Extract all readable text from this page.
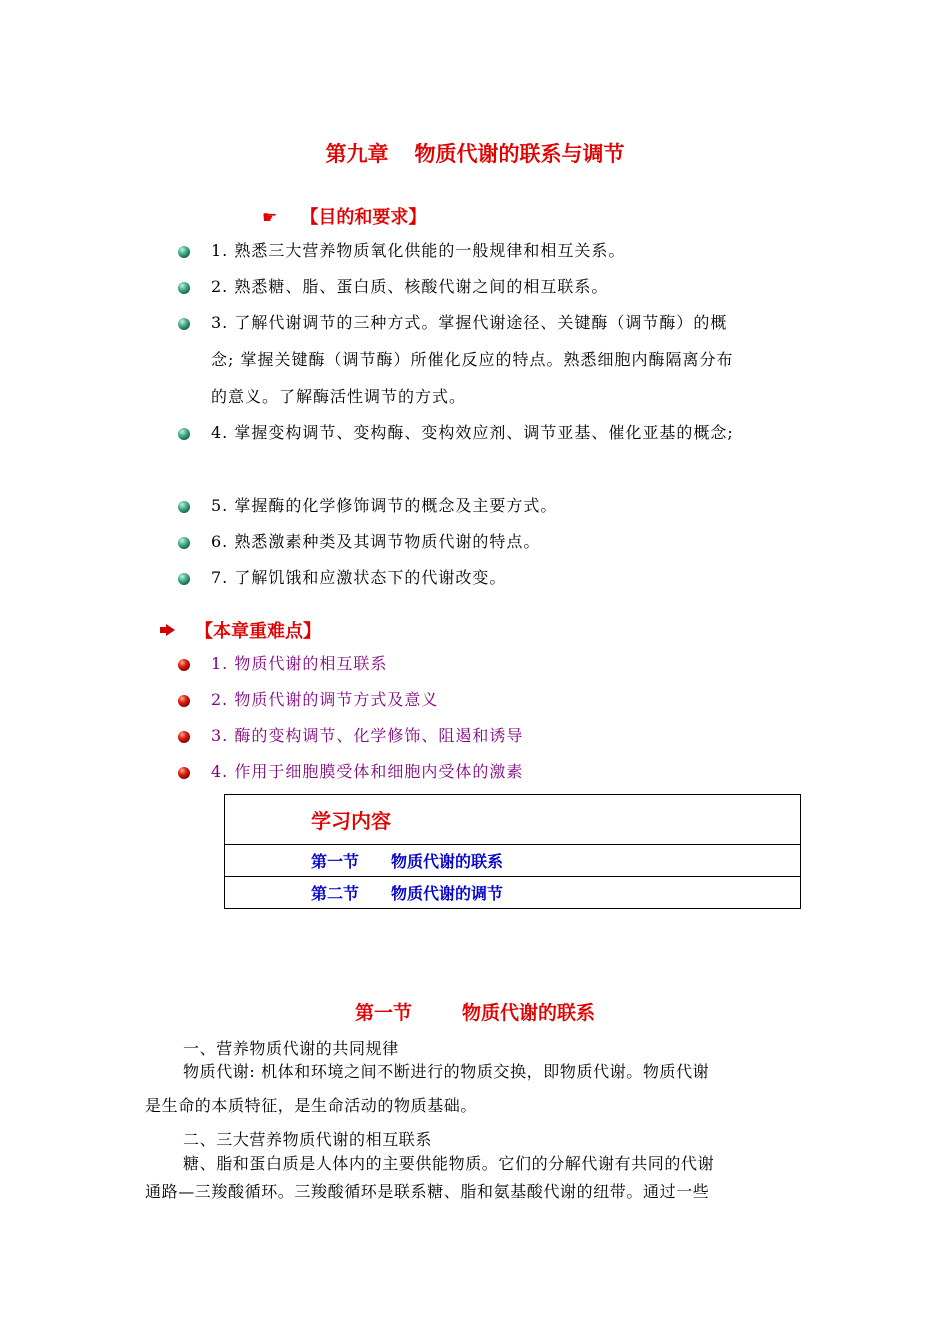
第九章 物质代谢的联系与调节
☛ 【目的和要求】
1. 熟悉三大营养物质氧化供能的一般规律和相互关系。
2. 熟悉糖、脂、蛋白质、核酸代谢之间的相互联系。
3. 了解代谢调节的三种方式。掌握代谢途径、关键酶（调节酶）的概
念; 掌握关键酶（调节酶）所催化反应的特点。熟悉细胞内酶隔离分布
的意义。了解酶活性调节的方式。
4. 掌握变构调节、变构酶、变构效应剂、调节亚基、催化亚基的概念;
5. 掌握酶的化学修饰调节的概念及主要方式。
6. 熟悉激素种类及其调节物质代谢的特点。
7. 了解饥饿和应激状态下的代谢改变。
【本章重难点】
1. 物质代谢的相互联系
2. 物质代谢的调节方式及意义
3. 酶的变构调节、化学修饰、阻遏和诱导
4. 作用于细胞膜受体和细胞内受体的激素
学习内容
第一节 物质代谢的联系
第二节 物质代谢的调节
第一节	物质代谢的联系
一、营养物质代谢的共同规律
物质代谢: 机体和环境之间不断进行的物质交换，即物质代谢。物质代谢
是生命的本质特征，是生命活动的物质基础。
二、三大营养物质代谢的相互联系
糖、脂和蛋白质是人体内的主要供能物质。它们的分解代谢有共同的代谢
通路—三羧酸循环。三羧酸循环是联系糖、脂和氨基酸代谢的纽带。通过一些
